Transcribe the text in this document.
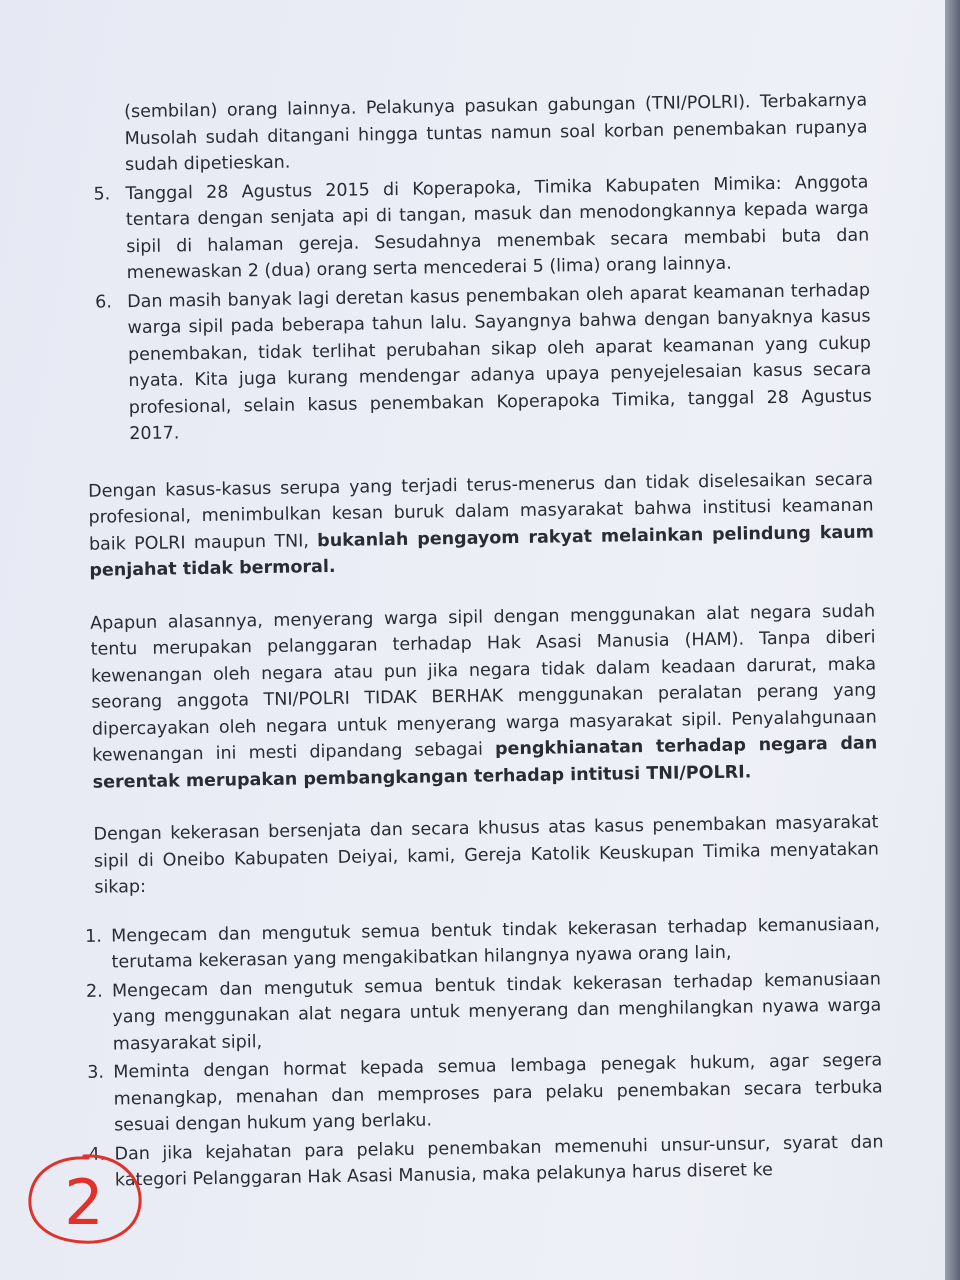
(sembilan) orang lainnya. Pelakunya pasukan gabungan (TNI/POLRI). Terbakarnya Musolah sudah ditangani hingga tuntas namun soal korban penembakan rupanya sudah dipetieskan.
5. Tanggal 28 Agustus 2015 di Koperapoka, Timika Kabupaten Mimika: Anggota tentara dengan senjata api di tangan, masuk dan menodongkannya kepada warga sipil di halaman gereja. Sesudahnya menembak secara membabi buta dan menewaskan 2 (dua) orang serta mencederai 5 (lima) orang lainnya.
6. Dan masih banyak lagi deretan kasus penembakan oleh aparat keamanan terhadap warga sipil pada beberapa tahun lalu. Sayangnya bahwa dengan banyaknya kasus penembakan, tidak terlihat perubahan sikap oleh aparat keamanan yang cukup nyata. Kita juga kurang mendengar adanya upaya penyejelesaian kasus secara profesional, selain kasus penembakan Koperapoka Timika, tanggal 28 Agustus 2017.

Dengan kasus-kasus serupa yang terjadi terus-menerus dan tidak diselesaikan secara profesional, menimbulkan kesan buruk dalam masyarakat bahwa institusi keamanan baik POLRI maupun TNI, bukanlah pengayom rakyat melainkan pelindung kaum penjahat tidak bermoral.

Apapun alasannya, menyerang warga sipil dengan menggunakan alat negara sudah tentu merupakan pelanggaran terhadap Hak Asasi Manusia (HAM). Tanpa diberi kewenangan oleh negara atau pun jika negara tidak dalam keadaan darurat, maka seorang anggota TNI/POLRI TIDAK BERHAK menggunakan peralatan perang yang dipercayakan oleh negara untuk menyerang warga masyarakat sipil. Penyalahgunaan kewenangan ini mesti dipandang sebagai pengkhianatan terhadap negara dan serentak merupakan pembangkangan terhadap intitusi TNI/POLRI.

Dengan kekerasan bersenjata dan secara khusus atas kasus penembakan masyarakat sipil di Oneibo Kabupaten Deiyai, kami, Gereja Katolik Keuskupan Timika menyatakan sikap:

1. Mengecam dan mengutuk semua bentuk tindak kekerasan terhadap kemanusiaan, terutama kekerasan yang mengakibatkan hilangnya nyawa orang lain,
2. Mengecam dan mengutuk semua bentuk tindak kekerasan terhadap kemanusiaan yang menggunakan alat negara untuk menyerang dan menghilangkan nyawa warga masyarakat sipil,
3. Meminta dengan hormat kepada semua lembaga penegak hukum, agar segera menangkap, menahan dan memproses para pelaku penembakan secara terbuka sesuai dengan hukum yang berlaku.
4. Dan jika kejahatan para pelaku penembakan memenuhi unsur-unsur, syarat dan kategori Pelanggaran Hak Asasi Manusia, maka pelakunya harus diseret ke
2
